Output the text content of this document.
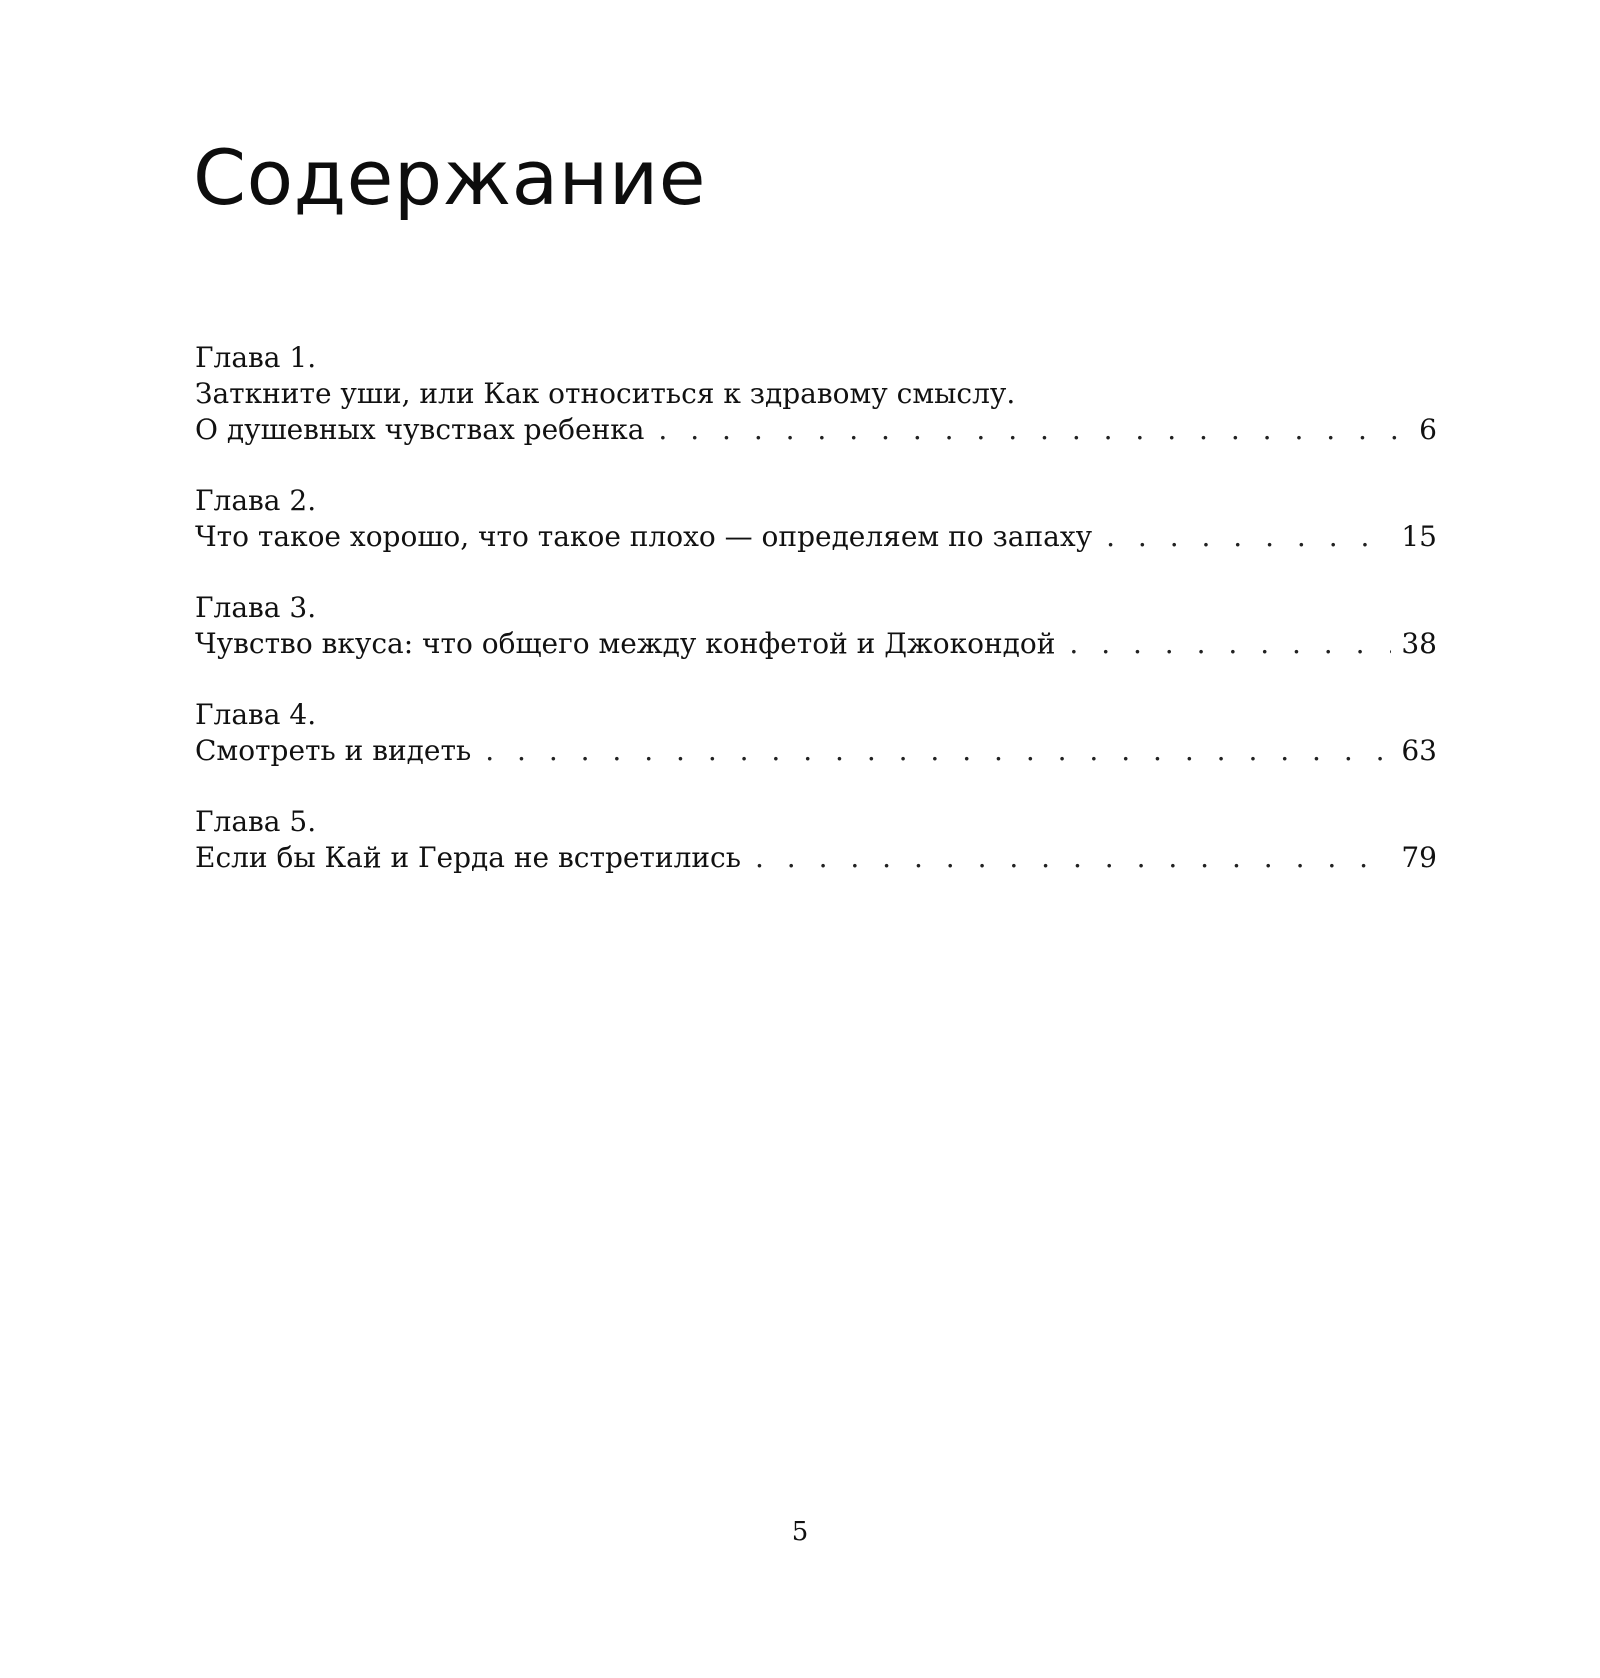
Содержание
Глава 1.
Заткните уши, или Как относиться к здравому смыслу.
О душевных чувствах ребенка . . .	6
Глава 2.
Что такое хорошо, что такое плохо — определяем по запаху . . .	15
Глава 3.
Чувство вкуса: что общего между конфетой и Джокондой . . .	38
Глава 4.
Смотреть и видеть . . .	63
Глава 5.
Если бы Кай и Герда не встретились . . .	79

5
